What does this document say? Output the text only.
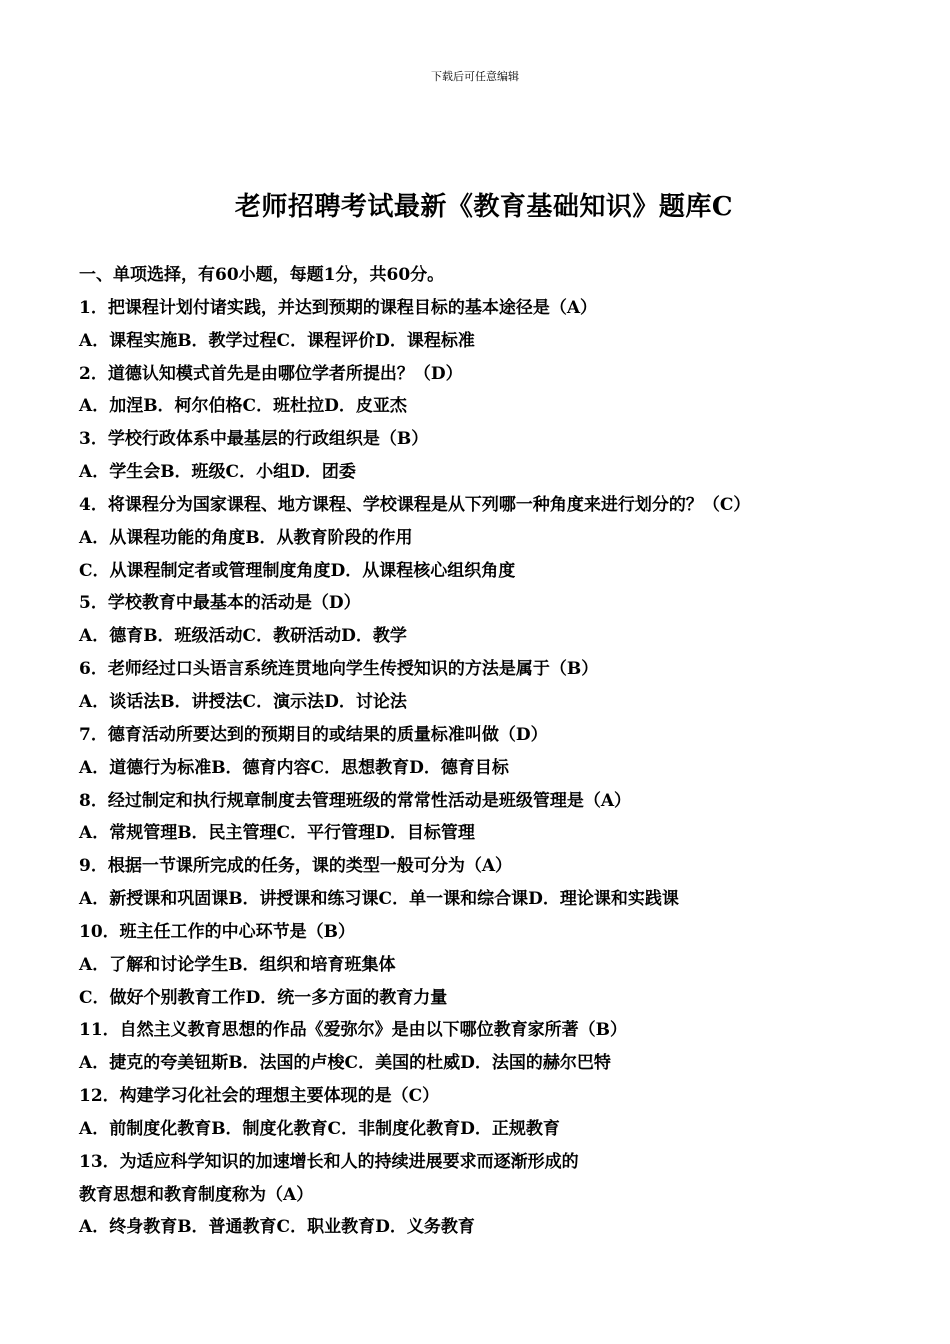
下载后可任意编辑
老师招聘考试最新《教育基础知识》题库C
一、单项选择，有60小题，每题1分，共60分。
1．把课程计划付诸实践，并达到预期的课程目标的基本途径是（A）
A．课程实施B．教学过程C．课程评价D．课程标准
2．道德认知模式首先是由哪位学者所提出？（D）
A．加涅B．柯尔伯格C．班杜拉D．皮亚杰
3．学校行政体系中最基层的行政组织是（B）
A．学生会B．班级C．小组D．团委
4．将课程分为国家课程、地方课程、学校课程是从下列哪一种角度来进行划分的？（C）
A．从课程功能的角度B．从教育阶段的作用
C．从课程制定者或管理制度角度D．从课程核心组织角度
5．学校教育中最基本的活动是（D）
A．德育B．班级活动C．教研活动D．教学
6．老师经过口头语言系统连贯地向学生传授知识的方法是属于（B）
A．谈话法B．讲授法C．演示法D．讨论法
7．德育活动所要达到的预期目的或结果的质量标准叫做（D）
A．道德行为标准B．德育内容C．思想教育D．德育目标
8．经过制定和执行规章制度去管理班级的常常性活动是班级管理是（A）
A．常规管理B．民主管理C．平行管理D．目标管理
9．根据一节课所完成的任务，课的类型一般可分为（A）
A．新授课和巩固课B．讲授课和练习课C．单一课和综合课D．理论课和实践课
10．班主任工作的中心环节是（B）
A．了解和讨论学生B．组织和培育班集体
C．做好个别教育工作D．统一多方面的教育力量
11．自然主义教育思想的作品《爱弥尔》是由以下哪位教育家所著（B）
A．捷克的夸美钮斯B．法国的卢梭C．美国的杜威D．法国的赫尔巴特
12．构建学习化社会的理想主要体现的是（C）
A．前制度化教育B．制度化教育C．非制度化教育D．正规教育
13．为适应科学知识的加速增长和人的持续进展要求而逐渐形成的
教育思想和教育制度称为（A）
A．终身教育B．普通教育C．职业教育D．义务教育
